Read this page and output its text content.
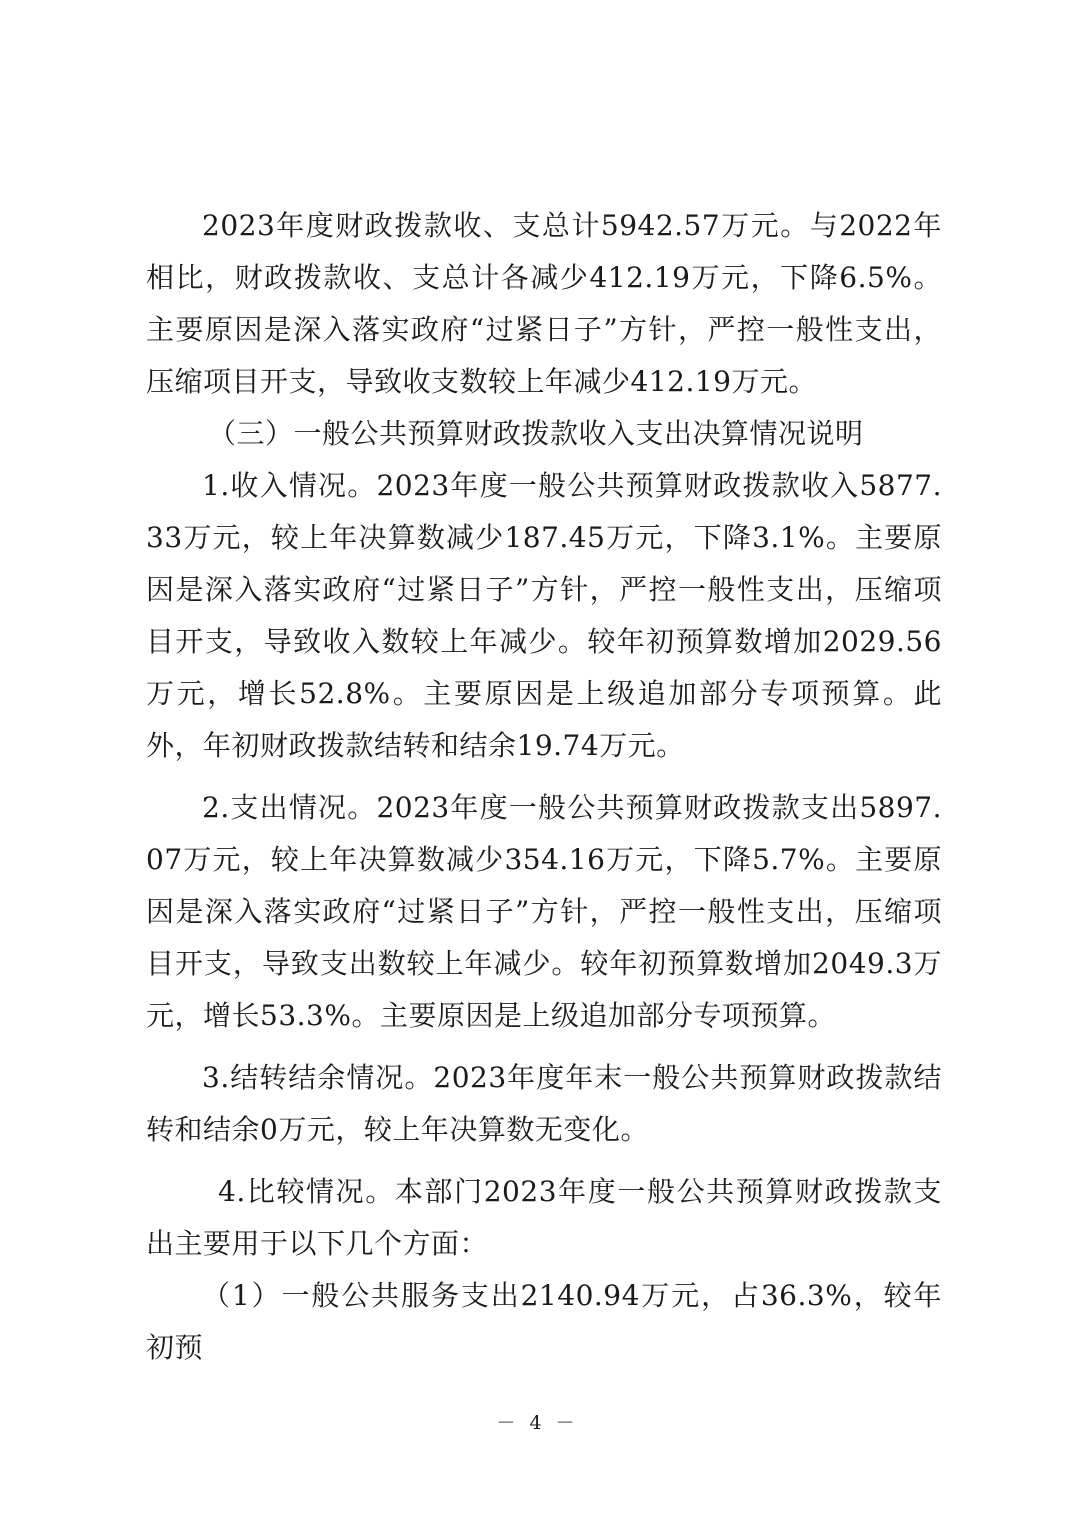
2023年度财政拨款收、支总计5942.57万元。与2022年相比，财政拨款收、支总计各减少412.19万元，下降6.5%。主要原因是深入落实政府“过紧日子”方针，严控一般性支出，压缩项目开支，导致收支数较上年减少412.19万元。

（三）一般公共预算财政拨款收入支出决算情况说明

1.收入情况。2023年度一般公共预算财政拨款收入5877.33万元，较上年决算数减少187.45万元，下降3.1%。主要原因是深入落实政府“过紧日子”方针，严控一般性支出，压缩项目开支，导致收入数较上年减少。较年初预算数增加2029.56万元，增长52.8%。主要原因是上级追加部分专项预算。此外，年初财政拨款结转和结余19.74万元。

2.支出情况。2023年度一般公共预算财政拨款支出5897.07万元，较上年决算数减少354.16万元，下降5.7%。主要原因是深入落实政府“过紧日子”方针，严控一般性支出，压缩项目开支，导致支出数较上年减少。较年初预算数增加2049.3万元，增长53.3%。主要原因是上级追加部分专项预算。

3.结转结余情况。2023年度年末一般公共预算财政拨款结转和结余0万元，较上年决算数无变化。

4.比较情况。本部门2023年度一般公共预算财政拨款支出主要用于以下几个方面：

（1）一般公共服务支出2140.94万元，占36.3%，较年初预

－ 4 －
